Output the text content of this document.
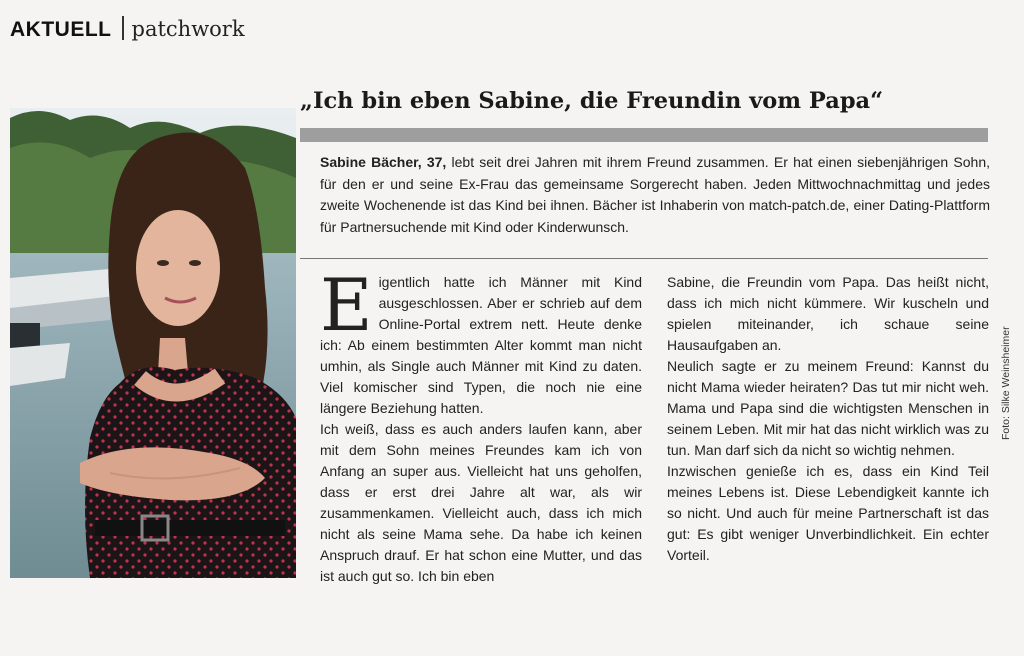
AKTUELL patchwork
„Ich bin eben Sabine, die Freundin vom Papa“
Sabine Bächer, 37, lebt seit drei Jahren mit ihrem Freund zusammen. Er hat einen siebenjährigen Sohn, für den er und seine Ex-Frau das gemeinsame Sorgerecht haben. Jeden Mittwochnachmittag und jedes zweite Wochenende ist das Kind bei ihnen. Bächer ist Inhaberin von match-patch.de, einer Dating-Plattform für Partnersuchende mit Kind oder Kinderwunsch.

Eigentlich hatte ich Männer mit Kind ausgeschlossen. Aber er schrieb auf dem Online-Portal extrem nett. Heute denke ich: Ab einem bestimmten Alter kommt man nicht umhin, als Single auch Männer mit Kind zu daten. Viel komischer sind Typen, die noch nie eine längere Beziehung hatten.

Ich weiß, dass es auch anders laufen kann, aber mit dem Sohn meines Freundes kam ich von Anfang an super aus. Vielleicht hat uns geholfen, dass er erst drei Jahre alt war, als wir zusammenkamen. Vielleicht auch, dass ich mich nicht als seine Mama sehe. Da habe ich keinen Anspruch drauf. Er hat schon eine Mutter, und das ist auch gut so. Ich bin eben

Sabine, die Freundin vom Papa. Das heißt nicht, dass ich mich nicht kümmere. Wir kuscheln und spielen miteinander, ich schaue seine Hausaufgaben an.

Neulich sagte er zu meinem Freund: Kannst du nicht Mama wieder heiraten? Das tut mir nicht weh. Mama und Papa sind die wichtigsten Menschen in seinem Leben. Mit mir hat das nicht wirklich was zu tun. Man darf sich da nicht so wichtig nehmen.

Inzwischen genieße ich es, dass ein Kind Teil meines Lebens ist. Diese Lebendigkeit kannte ich so nicht. Und auch für meine Partnerschaft ist das gut: Es gibt weniger Unverbindlichkeit. Ein echter Vorteil.

Foto: Silke Weinsheimer
